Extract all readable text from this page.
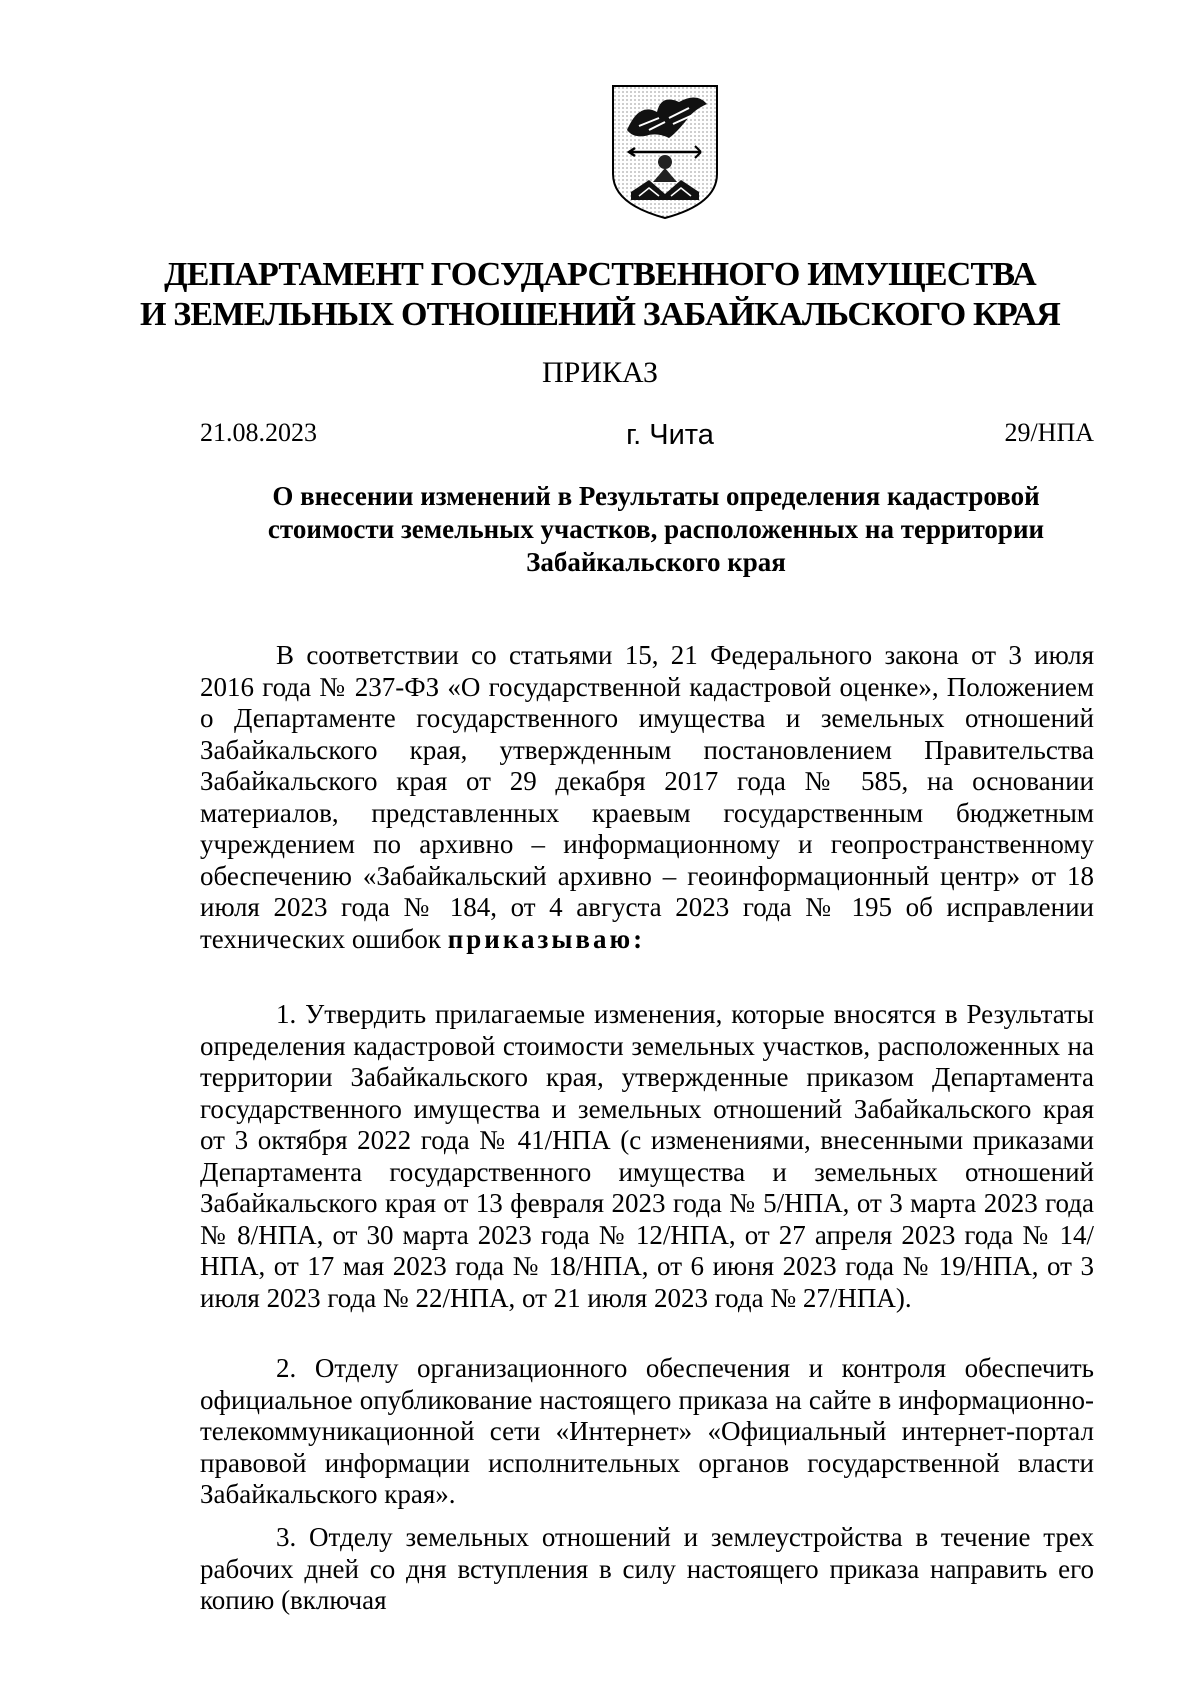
ДЕПАРТАМЕНТ ГОСУДАРСТВЕННОГО ИМУЩЕСТВА
И ЗЕМЕЛЬНЫХ ОТНОШЕНИЙ ЗАБАЙКАЛЬСКОГО КРАЯ
ПРИКАЗ
21.08.2023	г. Чита	29/НПА
О внесении изменений в Результаты определения кадастровой стоимости земельных участков, расположенных на территории Забайкальского края
В соответствии со статьями 15, 21 Федерального закона от 3 июля 2016 года № 237-ФЗ «О государственной кадастровой оценке», Положением о Департаменте государственного имущества и земельных отношений Забайкальского края, утвержденным постановлением Правительства Забайкальского края от 29 декабря 2017 года № 585, на основании материалов, представленных краевым государственным бюджетным учреждением по архивно – информационному и геопространственному обеспечению «Забайкальский архивно – геоинформационный центр» от 18 июля 2023 года № 184, от 4 августа 2023 года № 195 об исправлении технических ошибок приказываю:
1. Утвердить прилагаемые изменения, которые вносятся в Результаты определения кадастровой стоимости земельных участков, расположенных на территории Забайкальского края, утвержденные приказом Департамента государственного имущества и земельных отношений Забайкальского края от 3 октября 2022 года № 41/НПА (с изменениями, внесенными приказами Департамента государственного имущества и земельных отношений Забайкальского края от 13 февраля 2023 года № 5/НПА, от 3 марта 2023 года № 8/НПА, от 30 марта 2023 года № 12/НПА, от 27 апреля 2023 года № 14/НПА, от 17 мая 2023 года № 18/НПА, от 6 июня 2023 года № 19/НПА, от 3 июля 2023 года № 22/НПА, от 21 июля 2023 года № 27/НПА).
2. Отделу организационного обеспечения и контроля обеспечить официальное опубликование настоящего приказа на сайте в информационно-телекоммуникационной сети «Интернет» «Официальный интернет-портал правовой информации исполнительных органов государственной власти Забайкальского края».
3. Отделу земельных отношений и землеустройства в течение трех рабочих дней со дня вступления в силу настоящего приказа направить его копию (включая
